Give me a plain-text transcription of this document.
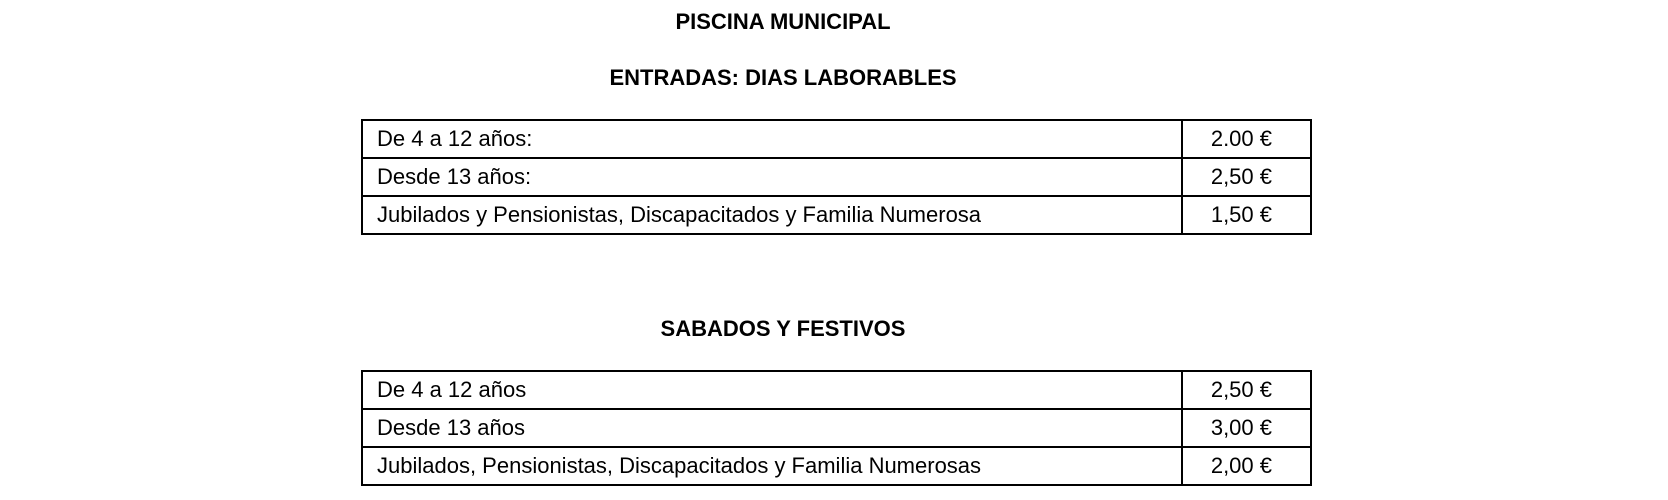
PISCINA MUNICIPAL
ENTRADAS: DIAS LABORABLES
De 4 a 12 años:	2.00 €
Desde 13 años:	2,50 €
Jubilados y Pensionistas, Discapacitados y Familia Numerosa	1,50 €
SABADOS Y FESTIVOS
De 4 a 12 años	2,50 €
Desde 13 años	3,00 €
Jubilados, Pensionistas, Discapacitados y Familia Numerosas	2,00 €
